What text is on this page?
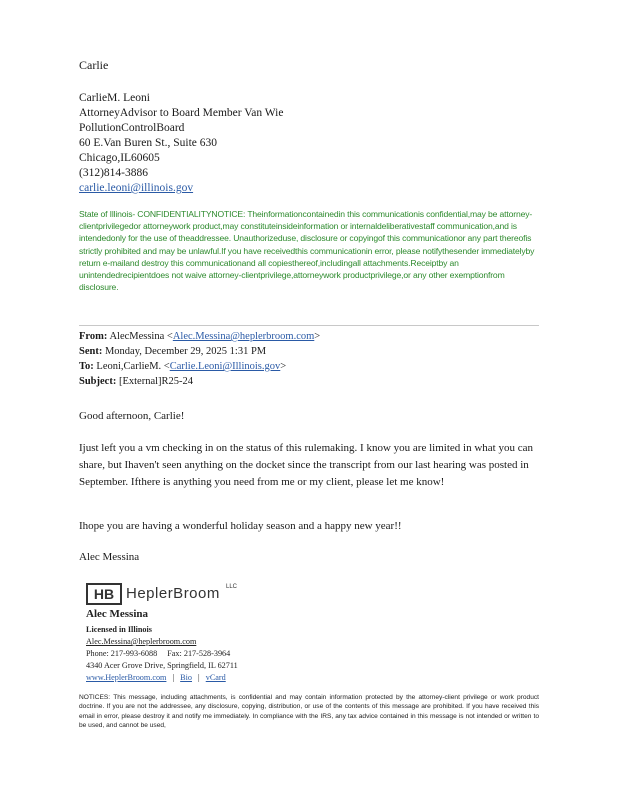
Carlie
CarlieM. Leoni
AttorneyAdvisor to Board Member Van Wie
PollutionControlBoard
60 E.Van Buren St., Suite 630
Chicago,IL60605
(312)814-3886
carlie.leoni@illinois.gov
State of Illinois- CONFIDENTIALITYNOTICE: Theinformationcontainedin this communicationis confidential,may be attorney-clientprivilegedor attorneywork product,may constituteinsideinformation or internaldeliberativestaff communication,and is intendedonly for the use of theaddressee. Unauthorizeduse, disclosure or copyingof this communicationor any part thereofis strictly prohibited and may be unlawful.If you have receivedthis communicationin error, please notifythesender immediatelyby return e-mailand destroy this communicationand all copiesthereof,includingall attachments.Receiptby an unintendedrecipientdoes not waive attorney-clientprivilege,attorneywork productprivilege,or any other exemptionfrom disclosure.
From: AlecMessina <Alec.Messina@heplerbroom.com>
Sent: Monday, December 29, 2025 1:31 PM
To: Leoni,CarlieM. <Carlie.Leoni@Illinois.gov>
Subject: [External]R25-24
Good afternoon, Carlie!
Ijust left you a vm checking in on the status of this rulemaking. I know you are limited in what you can share, but Ihaven't seen anything on the docket since the transcript from our last hearing was posted in September. Ifthere is anything you need from me or my client, please let me know!
Ihope you are having a wonderful holiday season and a happy new year!!
Alec Messina
HB HeplerBroom LLC
Alec Messina
Licensed in Illinois
Alec.Messina@heplerbroom.com
Phone: 217-993-6088 Fax: 217-528-3964
4340 Acer Grove Drive, Springfield, IL 62711
www.HeplerBroom.com | Bio | vCard
NOTICES: This message, including attachments, is confidential and may contain information protected by the attorney-client privilege or work product doctrine. If you are not the addressee, any disclosure, copying, distribution, or use of the contents of this message are prohibited. If you have received this email in error, please destroy it and notify me immediately. In compliance with the IRS, any tax advice contained in this message is not intended or written to be used, and cannot be used,
